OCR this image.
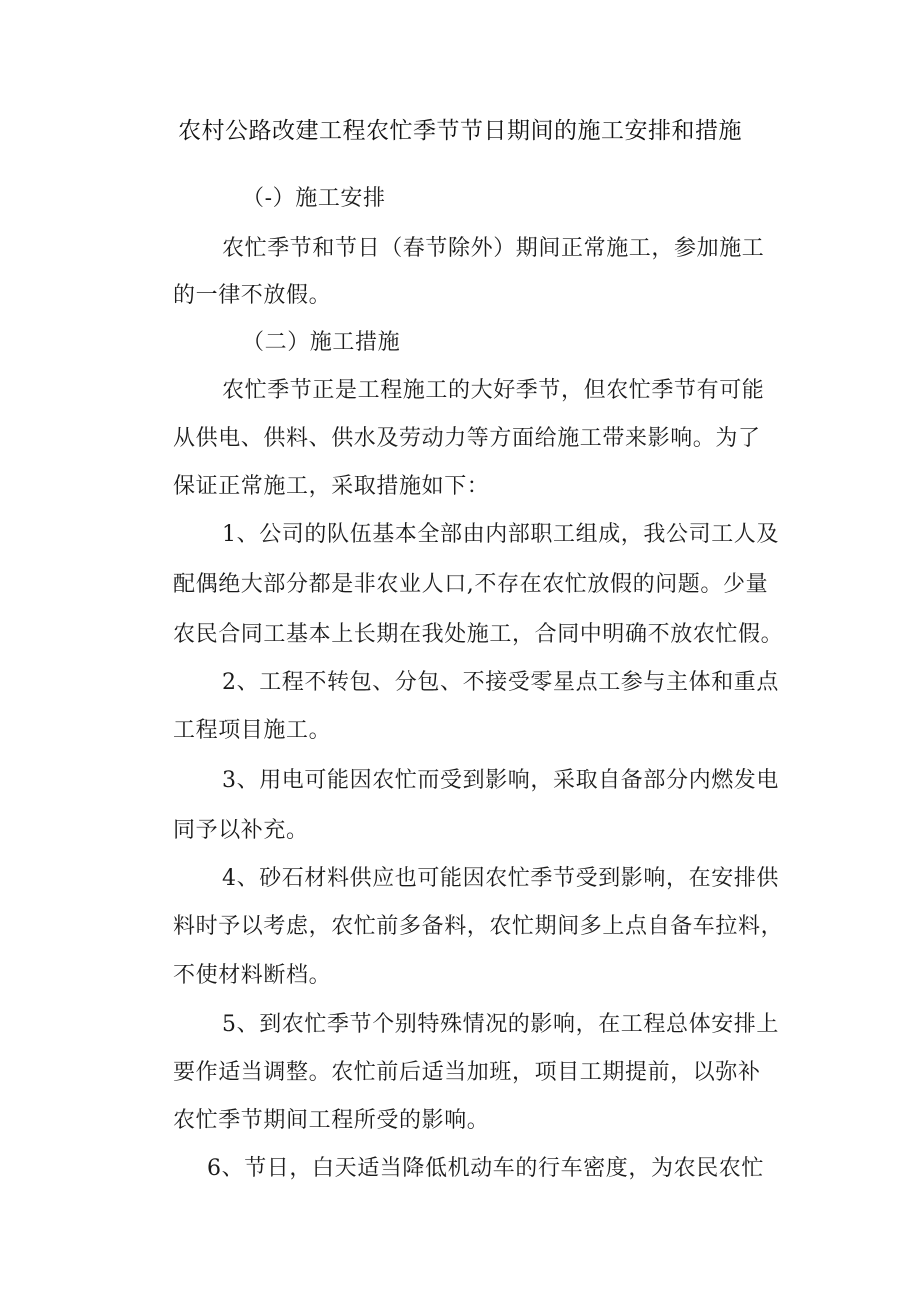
农村公路改建工程农忙季节节日期间的施工安排和措施
（-）施工安排
农忙季节和节日（春节除外）期间正常施工，参加施工
的一律不放假。
（二）施工措施
农忙季节正是工程施工的大好季节，但农忙季节有可能
从供电、供料、供水及劳动力等方面给施工带来影响。为了
保证正常施工，采取措施如下：
1、公司的队伍基本全部由内部职工组成，我公司工人及
配偶绝大部分都是非农业人口,不存在农忙放假的问题。少量
农民合同工基本上长期在我处施工，合同中明确不放农忙假。
2、工程不转包、分包、不接受零星点工参与主体和重点
工程项目施工。
3、用电可能因农忙而受到影响，采取自备部分内燃发电
同予以补充。
4、砂石材料供应也可能因农忙季节受到影响，在安排供
料时予以考虑，农忙前多备料，农忙期间多上点自备车拉料，
不使材料断档。
5、到农忙季节个别特殊情况的影响，在工程总体安排上
要作适当调整。农忙前后适当加班，项目工期提前，以弥补
农忙季节期间工程所受的影响。
6、节日，白天适当降低机动车的行车密度，为农民农忙
